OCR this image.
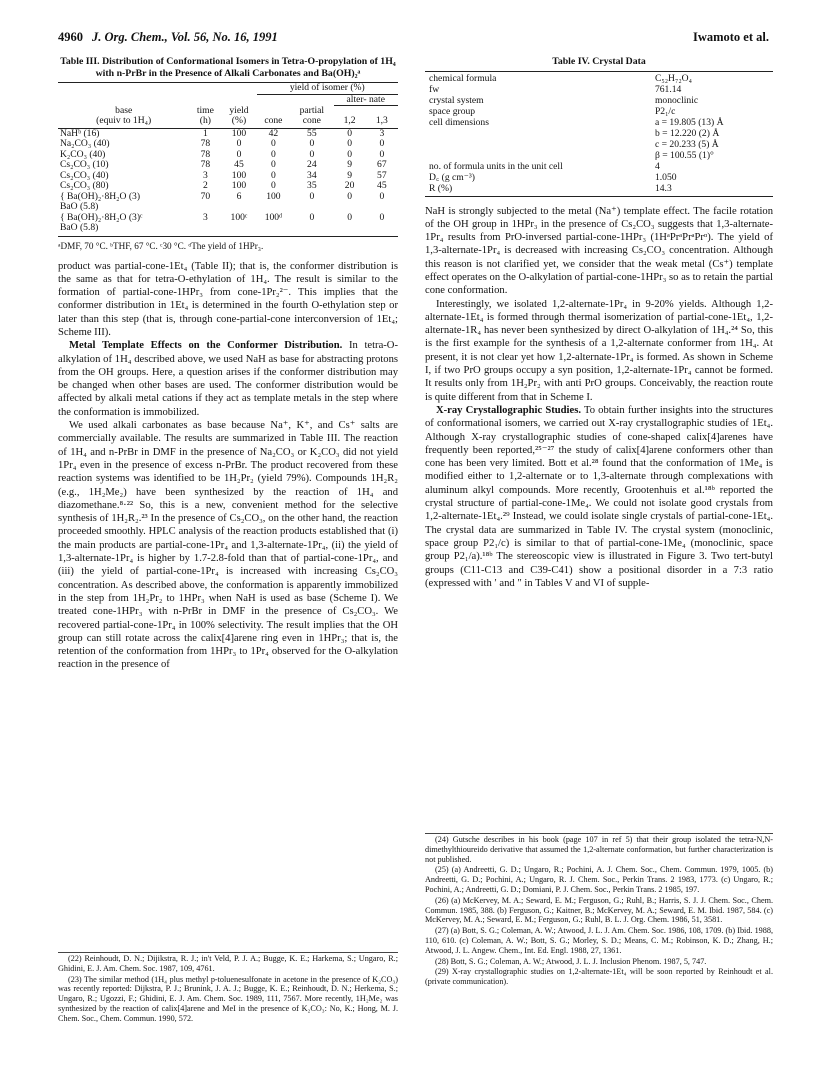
4960 J. Org. Chem., Vol. 56, No. 16, 1991	Iwamoto et al.
Table III. Distribution of Conformational Isomers in Tetra-O-propylation of 1H₄ with n-PrBr in the Presence of Alkali Carbonates and Ba(OH)₂ᵃ
			yield of isomer (%)			
					alter- nate	
base	time	yield		partial		
(equiv to 1H₄)	(h)	(%)	cone	cone	1,2	1,3
NaHᵇ (16)	1	100	42	55	0	3
Na₂CO₃ (40)	78	0	0	0	0	0
K₂CO₃ (40)	78	0	0	0	0	0
Cs₂CO₃ (10)	78	45	0	24	9	67
Cs₂CO₃ (40)	3	100	0	34	9	57
Cs₂CO₃ (80)	2	100	0	35	20	45
{ Ba(OH)₂·8H₂O (3)	70	6	100	0	0	0
BaO (5.8)						
{ Ba(OH)₂·8H₂O (3)ᶜ	3	100ᶜ	100ᵈ	0	0	0
BaO (5.8)						
ᵃDMF, 70 °C. ᵇTHF, 67 °C. ᶜ30 °C. ᵈThe yield of 1HPr₃.

product was partial-cone-1Et₄ (Table II); that is, the conformer distribution is the same as that for tetra-O-ethylation of 1H₄. The result is similar to the formation of partial-cone-1HPr₃ from cone-1Pr₂²⁻. This implies that the conformer distribution in 1Et₄ is determined in the fourth O-ethylation step or later than this step (that is, through cone-partial-cone interconversion of 1Et₄; Scheme III).

Metal Template Effects on the Conformer Distribution. In tetra-O-alkylation of 1H₄ described above, we used NaH as base for abstracting protons from the OH groups. Here, a question arises if the conformer distribution may be changed when other bases are used. The conformer distribution would be affected by alkali metal cations if they act as template metals in the step where the conformation is immobilized.

We used alkali carbonates as base because Na⁺, K⁺, and Cs⁺ salts are commercially available. The results are summarized in Table III. The reaction of 1H₄ and n-PrBr in DMF in the presence of Na₂CO₃ or K₂CO₃ did not yield 1Pr₄ even in the presence of excess n-PrBr. The product recovered from these reaction systems was identified to be 1H₂Pr₂ (yield 79%). Compounds 1H₂R₂ (e.g., 1H₂Me₂) have been synthesized by the reaction of 1H₄ and diazomethane.⁸·²² So, this is a new, convenient method for the selective synthesis of 1H₂R₂.²³ In the presence of Cs₂CO₃, on the other hand, the reaction proceeded smoothly. HPLC analysis of the reaction products established that (i) the main products are partial-cone-1Pr₄ and 1,3-alternate-1Pr₄, (ii) the yield of 1,3-alternate-1Pr₄ is higher by 1.7-2.8-fold than that of partial-cone-1Pr₄, and (iii) the yield of partial-cone-1Pr₄ is increased with increasing Cs₂CO₃ concentration. As described above, the conformation is apparently immobilized in the step from 1H₂Pr₂ to 1HPr₃ when NaH is used as base (Scheme I). We treated cone-1HPr₃ with n-PrBr in DMF in the presence of Cs₂CO₃. We recovered partial-cone-1Pr₄ in 100% selectivity. The result implies that the OH group can still rotate across the calix[4]arene ring even in 1HPr₃; that is, the retention of the conformation from 1HPr₃ to 1Pr₄ observed for the O-alkylation reaction in the presence of

(22) Reinhoudt, D. N.; Dijikstra, R. J.; in't Veld, P. J. A.; Bugge, K. E.; Harkema, S.; Ungaro, R.; Ghidini, E. J. Am. Chem. Soc. 1987, 109, 4761.
(23) The similar method (1H₄ plus methyl p-toluenesulfonate in acetone in the presence of K₂CO₃) was recently reported: Dijkstra, P. J.; Brunink, J. A. J.; Bugge, K. E.; Reinhoudt, D. N.; Herkema, S.; Ungaro, R.; Ugozzi, F.; Ghidini, E. J. Am. Chem. Soc. 1989, 111, 7567. More recently, 1H₂Me₂ was synthesized by the reaction of calix[4]arene and MeI in the presence of K₂CO₃: No, K.; Hong, M. J. Chem. Soc., Chem. Commun. 1990, 572.
Table IV. Crystal Data
chemical formula	C₅₂H₇₂O₄
fw	761.14
crystal system	monoclinic
space group	P2₁/c
cell dimensions	a = 19.805 (13) Å
	b = 12.220 (2) Å
	c = 20.233 (5) Å
	β = 100.55 (1)°
no. of formula units in the unit cell	4
D꜀ (g cm⁻³)	1.050
R (%)	14.3

NaH is strongly subjected to the metal (Na⁺) template effect. The facile rotation of the OH group in 1HPr₃ in the presence of Cs₂CO₃ suggests that 1,3-alternate-1Pr₄ results from PrO-inversed partial-cone-1HPr₃ (1HᵃPrᵃPrᵃPrᵅ). The yield of 1,3-alternate-1Pr₄ is decreased with increasing Cs₂CO₃ concentration. Although this reason is not clarified yet, we consider that the weak metal (Cs⁺) template effect operates on the O-alkylation of partial-cone-1HPr₃ so as to retain the partial cone conformation.

Interestingly, we isolated 1,2-alternate-1Pr₄ in 9-20% yields. Although 1,2-alternate-1Et₄ is formed through thermal isomerization of partial-cone-1Et₄, 1,2-alternate-1R₄ has never been synthesized by direct O-alkylation of 1H₄.²⁴ So, this is the first example for the synthesis of a 1,2-alternate conformer from 1H₄. At present, it is not clear yet how 1,2-alternate-1Pr₄ is formed. As shown in Scheme I, if two PrO groups occupy a syn position, 1,2-alternate-1Pr₄ cannot be formed. It results only from 1H₂Pr₂ with anti PrO groups. Conceivably, the reaction route is quite different from that in Scheme I.

X-ray Crystallographic Studies. To obtain further insights into the structures of conformational isomers, we carried out X-ray crystallographic studies of 1Et₄. Although X-ray crystallographic studies of cone-shaped calix[4]arenes have frequently been reported,²⁵⁻²⁷ the study of calix[4]arene conformers other than cone has been very limited. Bott et al.²⁸ found that the conformation of 1Me₄ is modified either to 1,2-alternate or to 1,3-alternate through complexations with aluminum alkyl compounds. More recently, Grootenhuis et al.¹⁸ᵇ reported the crystal structure of partial-cone-1Me₄. We could not isolate good crystals from 1,2-alternate-1Et₄.²⁹ Instead, we could isolate single crystals of partial-cone-1Et₄. The crystal data are summarized in Table IV. The crystal system (monoclinic, space group P2₁/c) is similar to that of partial-cone-1Me₄ (monoclinic, space group P2₁/a).¹⁸ᵇ The stereoscopic view is illustrated in Figure 3. Two tert-butyl groups (C11-C13 and C39-C41) show a positional disorder in a 7:3 ratio (expressed with ′ and ″ in Tables V and VI of supple-

(24) Gutsche describes in his book (page 107 in ref 5) that their group isolated the tetra-N,N-dimethylthioureido derivative that assumed the 1,2-alternate conformation, but further characterization is not published.
(25) (a) Andreetti, G. D.; Ungaro, R.; Pochini, A. J. Chem. Soc., Chem. Commun. 1979, 1005. (b) Andreetti, G. D.; Pochini, A.; Ungaro, R. J. Chem. Soc., Perkin Trans. 2 1983, 1773. (c) Ungaro, R.; Pochini, A.; Andreetti, G. D.; Domiani, P. J. Chem. Soc., Perkin Trans. 2 1985, 197.
(26) (a) McKervey, M. A.; Seward, E. M.; Ferguson, G.; Ruhl, B.; Harris, S. J. J. Chem. Soc., Chem. Commun. 1985, 388. (b) Ferguson, G.; Kaitner, B.; McKervey, M. A.; Seward, E. M. Ibid. 1987, 584. (c) McKervey, M. A.; Seward, E. M.; Ferguson, G.; Ruhl, B. L. J. Org. Chem. 1986, 51, 3581.
(27) (a) Bott, S. G.; Coleman, A. W.; Atwood, J. L. J. Am. Chem. Soc. 1986, 108, 1709. (b) Ibid. 1988, 110, 610. (c) Coleman, A. W.; Bott, S. G.; Morley, S. D.; Means, C. M.; Robinson, K. D.; Zhang, H.; Atwood, J. L. Angew. Chem., Int. Ed. Engl. 1988, 27, 1361.
(28) Bott, S. G.; Coleman, A. W.; Atwood, J. L. J. Inclusion Phenom. 1987, 5, 747.
(29) X-ray crystallographic studies on 1,2-alternate-1Et₄ will be soon reported by Reinhoudt et al. (private communication).
